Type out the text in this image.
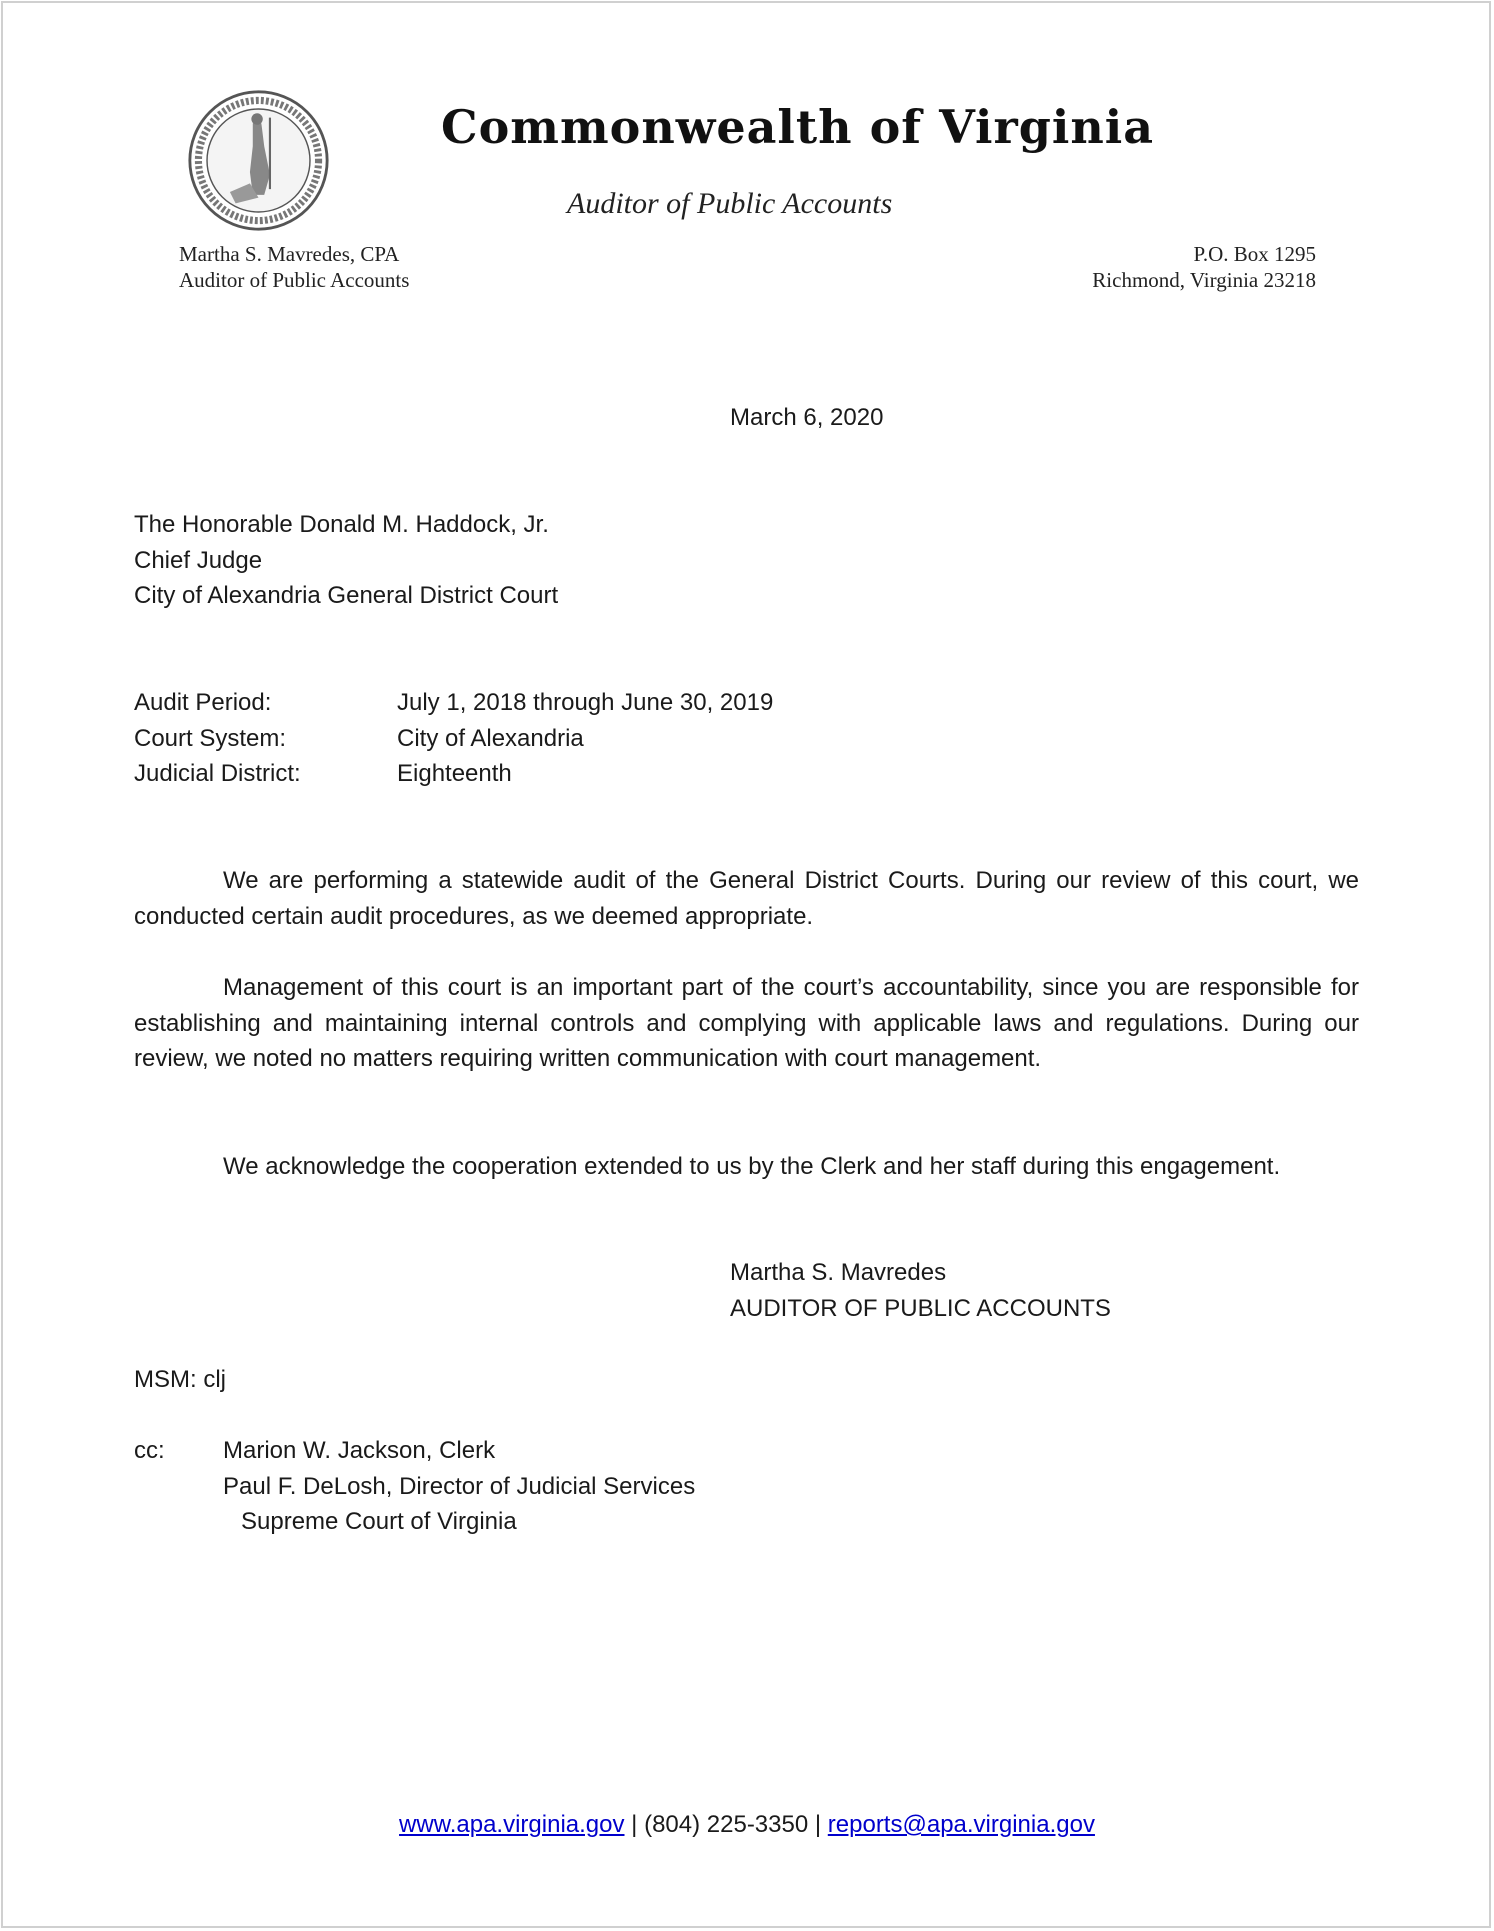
Commonwealth of Virginia
Auditor of Public Accounts
Martha S. Mavredes, CPA
Auditor of Public Accounts
P.O. Box 1295
Richmond, Virginia 23218
March 6, 2020
The Honorable Donald M. Haddock, Jr.
Chief Judge
City of Alexandria General District Court
Audit Period:	July 1, 2018 through June 30, 2019
Court System:	City of Alexandria
Judicial District:	Eighteenth

We are performing a statewide audit of the General District Courts. During our review of this court, we conducted certain audit procedures, as we deemed appropriate.

Management of this court is an important part of the court’s accountability, since you are responsible for establishing and maintaining internal controls and complying with applicable laws and regulations. During our review, we noted no matters requiring written communication with court management.

We acknowledge the cooperation extended to us by the Clerk and her staff during this engagement.

Martha S. Mavredes
AUDITOR OF PUBLIC ACCOUNTS
MSM: clj
cc: Marion W. Jackson, Clerk
Paul F. DeLosh, Director of Judicial Services
Supreme Court of Virginia
www.apa.virginia.gov | (804) 225-3350 | reports@apa.virginia.gov
